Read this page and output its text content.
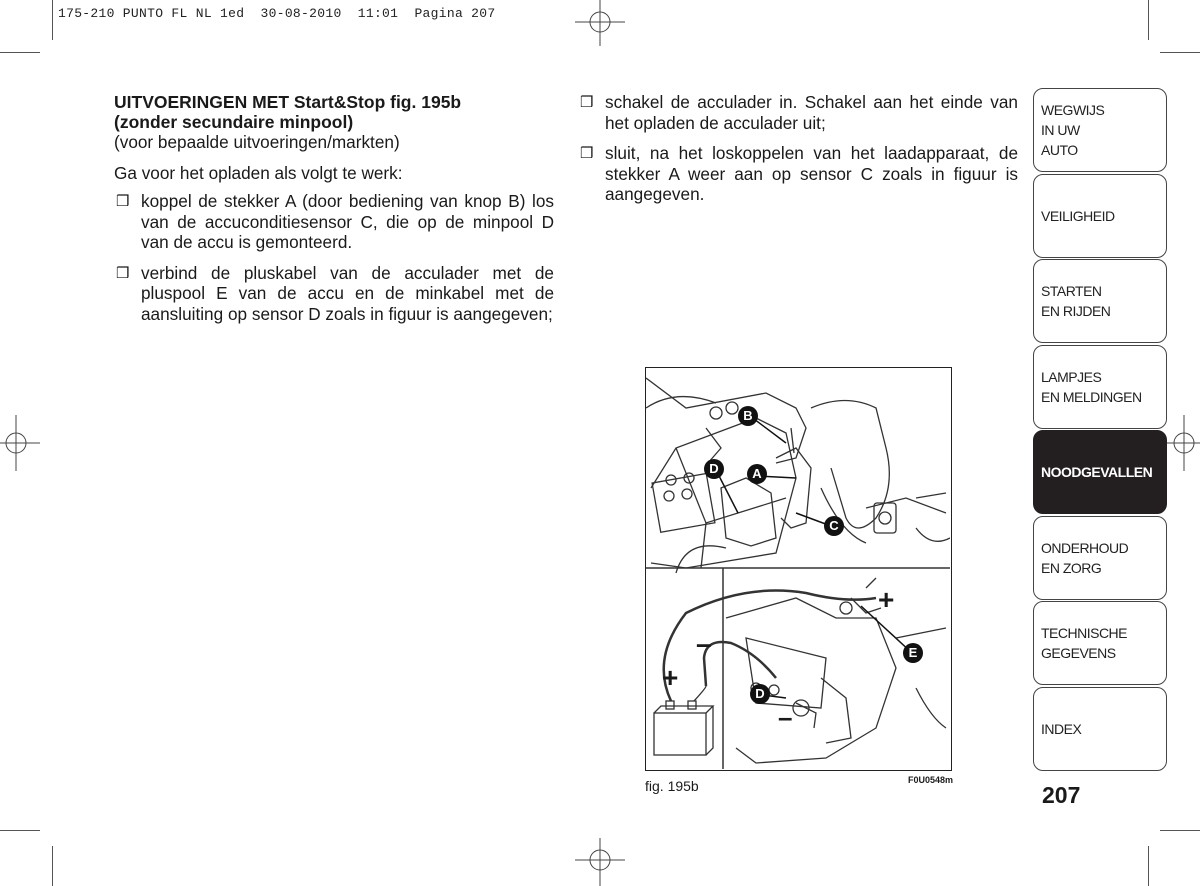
175-210 PUNTO FL NL 1ed  30-08-2010  11:01  Pagina 207
UITVOERINGEN MET Start&Stop fig. 195b
(zonder secundaire minpool)

(voor bepaalde uitvoeringen/markten)

Ga voor het opladen als volgt te werk:

❒ koppel de stekker A (door bediening van knop B) los van de accuconditiesensor C, die op de minpool D van de accu is gemonteerd.
❒ verbind de pluskabel van de acculader met de pluspool E van de accu en de minkabel met de aansluiting op sensor D zoals in figuur is aangegeven;
❒ schakel de acculader in. Schakel aan het einde van het opladen de acculader uit;
❒ sluit, na het loskoppelen van het laadapparaat, de stekker A weer aan op sensor C zoals in figuur is aangegeven.
B
A
D
C
E
D
+
–
+
–
fig. 195b	F0U0548m
WEGWIJS
IN UW
AUTO
VEILIGHEID
STARTEN
EN RIJDEN
LAMPJES
EN MELDINGEN
NOODGEVALLEN
ONDERHOUD
EN ZORG
TECHNISCHE
GEGEVENS
INDEX
207
